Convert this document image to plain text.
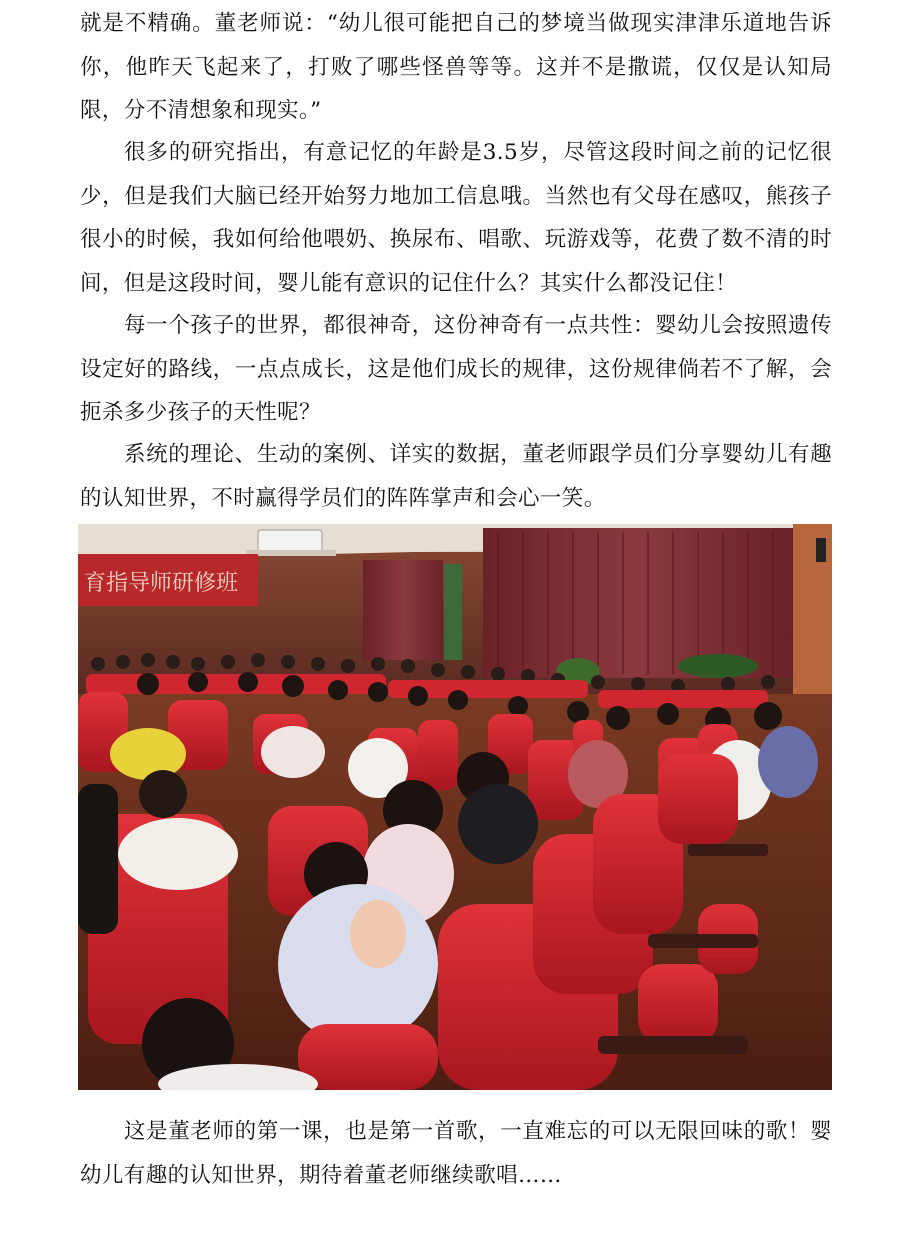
就是不精确。董老师说：“幼儿很可能把自己的梦境当做现实津津乐道地告诉你，他昨天飞起来了，打败了哪些怪兽等等。这并不是撒谎，仅仅是认知局限，分不清想象和现实。”

很多的研究指出，有意记忆的年龄是3.5岁，尽管这段时间之前的记忆很少，但是我们大脑已经开始努力地加工信息哦。当然也有父母在感叹，熊孩子很小的时候，我如何给他喂奶、换尿布、唱歌、玩游戏等，花费了数不清的时间，但是这段时间，婴儿能有意识的记住什么？其实什么都没记住！

每一个孩子的世界，都很神奇，这份神奇有一点共性：婴幼儿会按照遗传设定好的路线，一点点成长，这是他们成长的规律，这份规律倘若不了解，会扼杀多少孩子的天性呢？

系统的理论、生动的案例、详实的数据，董老师跟学员们分享婴幼儿有趣的认知世界，不时赢得学员们的阵阵掌声和会心一笑。

育指导师研修班

这是董老师的第一课，也是第一首歌，一直难忘的可以无限回味的歌！婴幼儿有趣的认知世界，期待着董老师继续歌唱……
